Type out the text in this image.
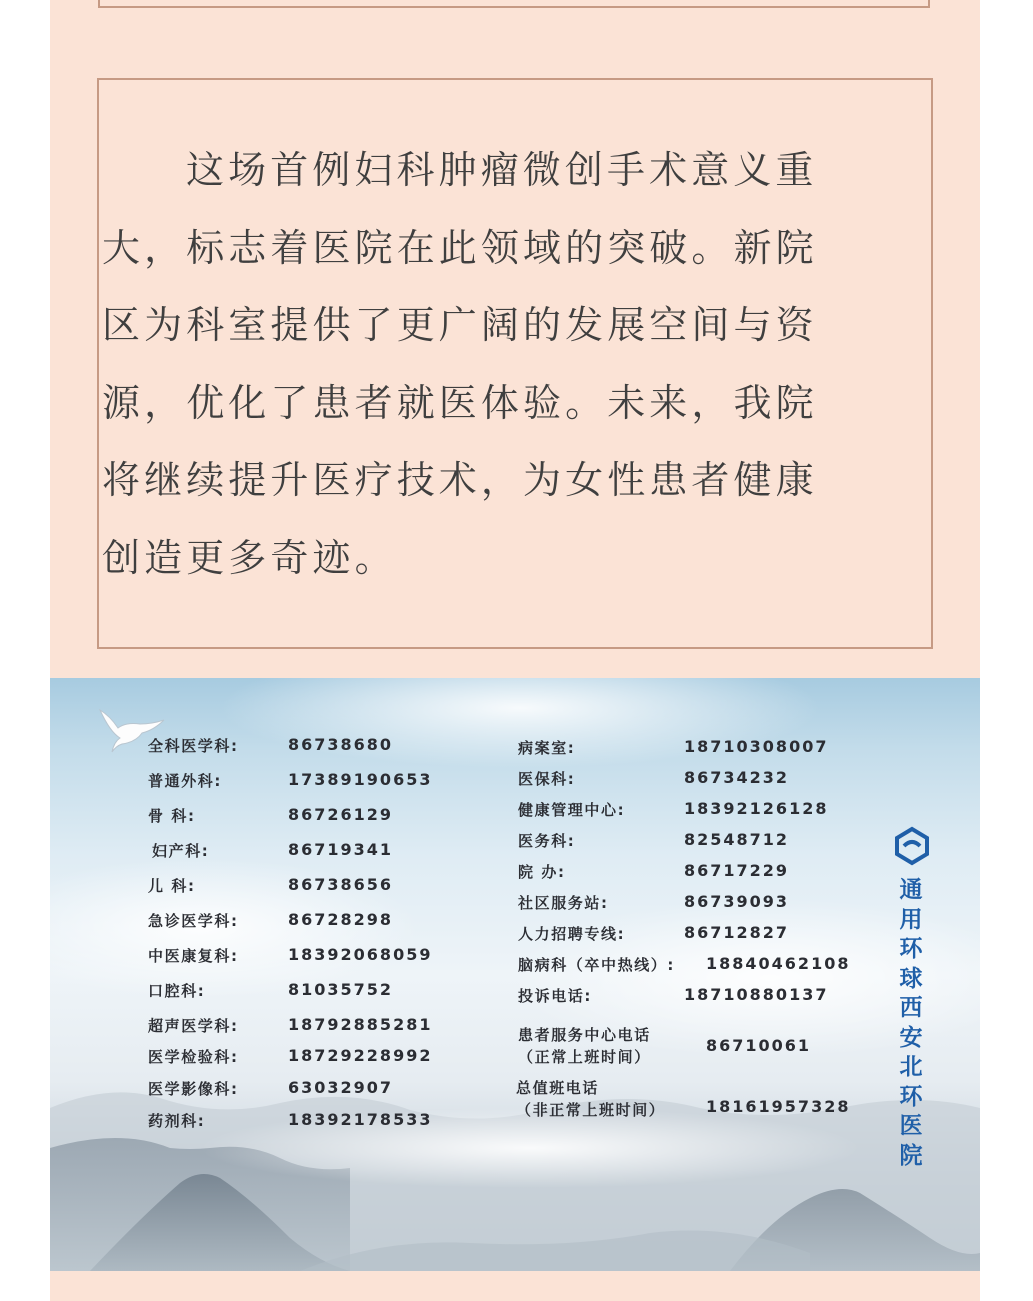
这场首例妇科肿瘤微创手术意义重大，标志着医院在此领域的突破。新院区为科室提供了更广阔的发展空间与资源，优化了患者就医体验。未来，我院将继续提升医疗技术，为女性患者健康创造更多奇迹。

全科医学科:	86738680
普通外科:	17389190653
骨 科:	86726129
妇产科:	86719341
儿 科:	86738656
急诊医学科:	86728298
中医康复科:	18392068059
口腔科:	81035752
超声医学科:	18792885281
医学检验科:	18729228992
医学影像科:	63032907
药剂科:	18392178533
病案室:	18710308007
医保科:	86734232
健康管理中心:	18392126128
医务科:	82548712
院 办:	86717229
社区服务站:	86739093
人力招聘专线:	86712827
脑病科（卒中热线）: 18840462108
投诉电话:	18710880137
患者服务中心电话
（正常上班时间）
86710061
总值班电话
（非正常上班时间）	18161957328
通用环球西安北环医院
